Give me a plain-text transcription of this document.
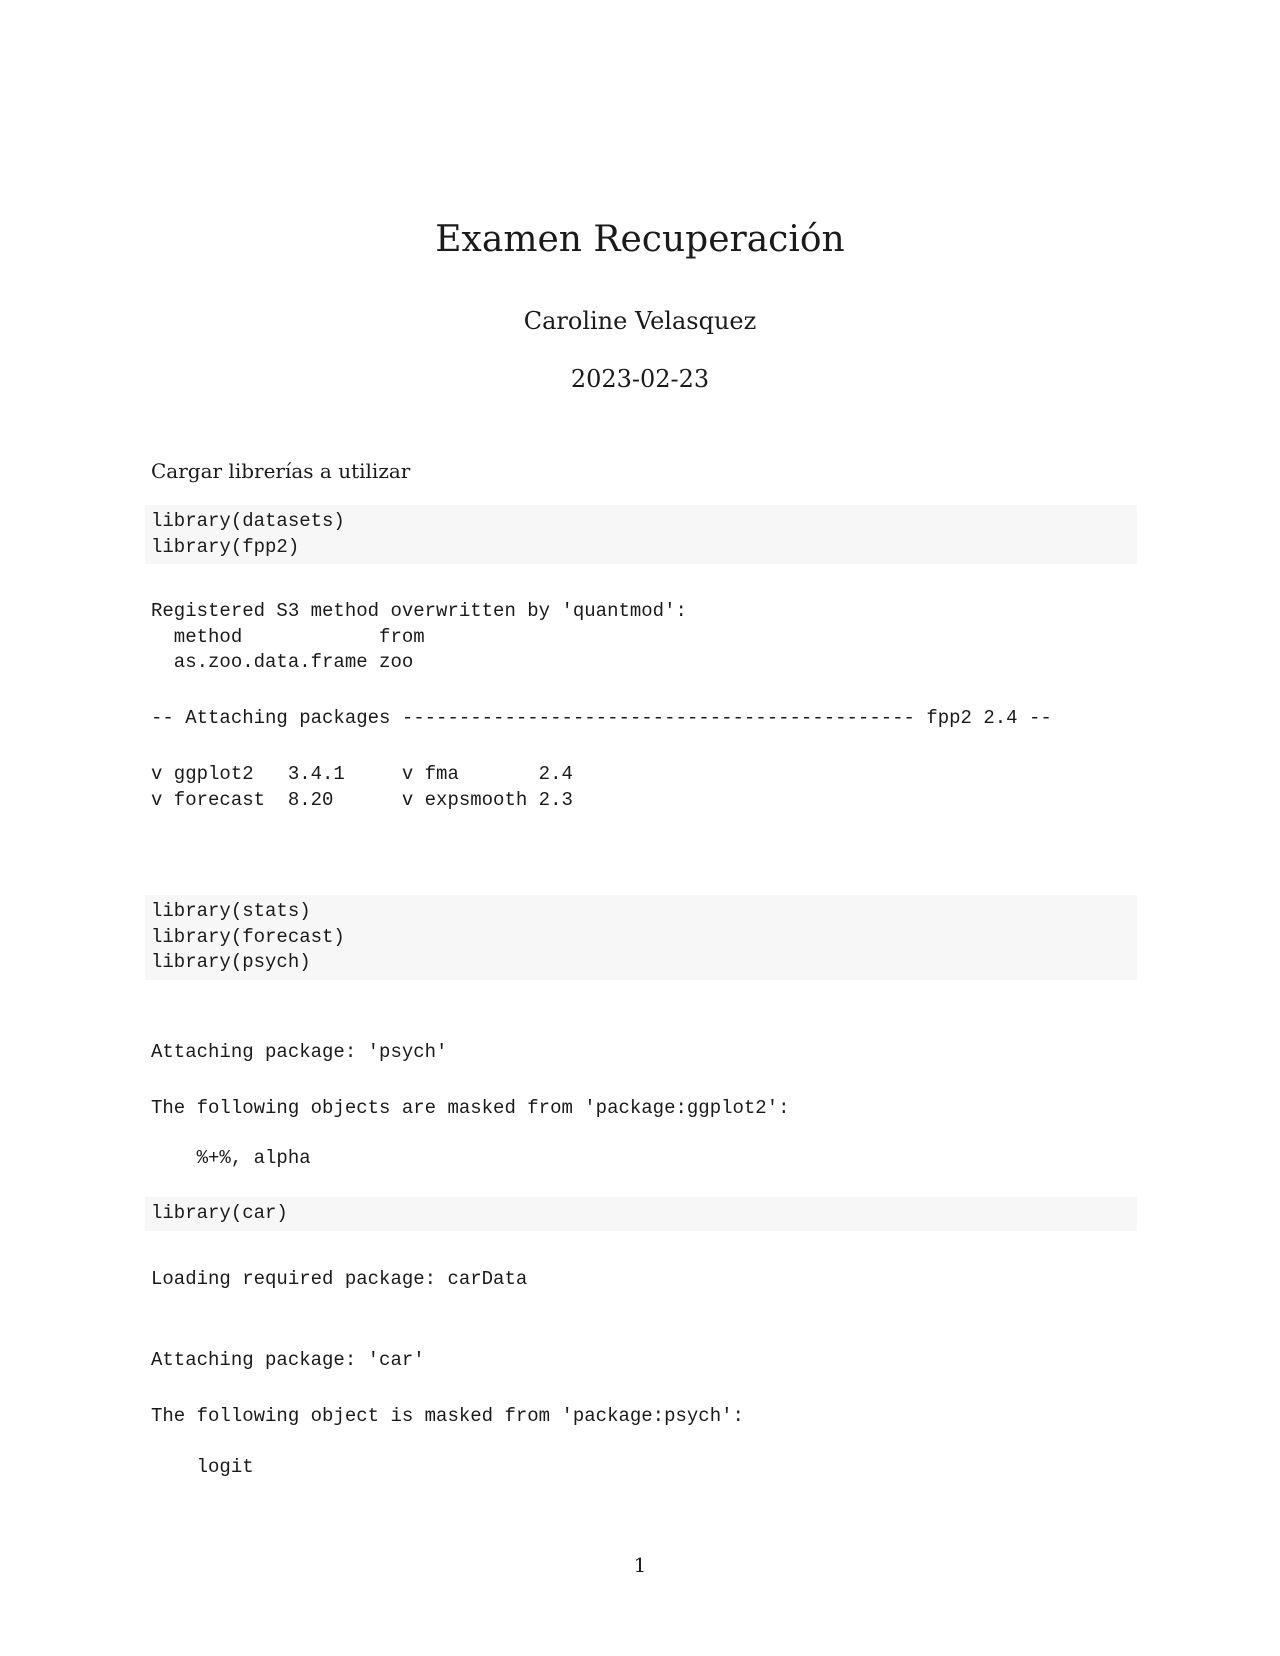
Examen Recuperación
Caroline Velasquez
2023-02-23
Cargar librerías a utilizar
library(datasets)
library(fpp2)
Registered S3 method overwritten by 'quantmod':
method            from
as.zoo.data.frame zoo
-- Attaching packages --------------------------------------------- fpp2 2.4 --
v ggplot2   3.4.1     v fma       2.4
v forecast  8.20      v expsmooth 2.3
library(stats)
library(forecast)
library(psych)
Attaching package: 'psych'
The following objects are masked from 'package:ggplot2':
%+%, alpha
library(car)
Loading required package: carData
Attaching package: 'car'
The following object is masked from 'package:psych':
logit
1
